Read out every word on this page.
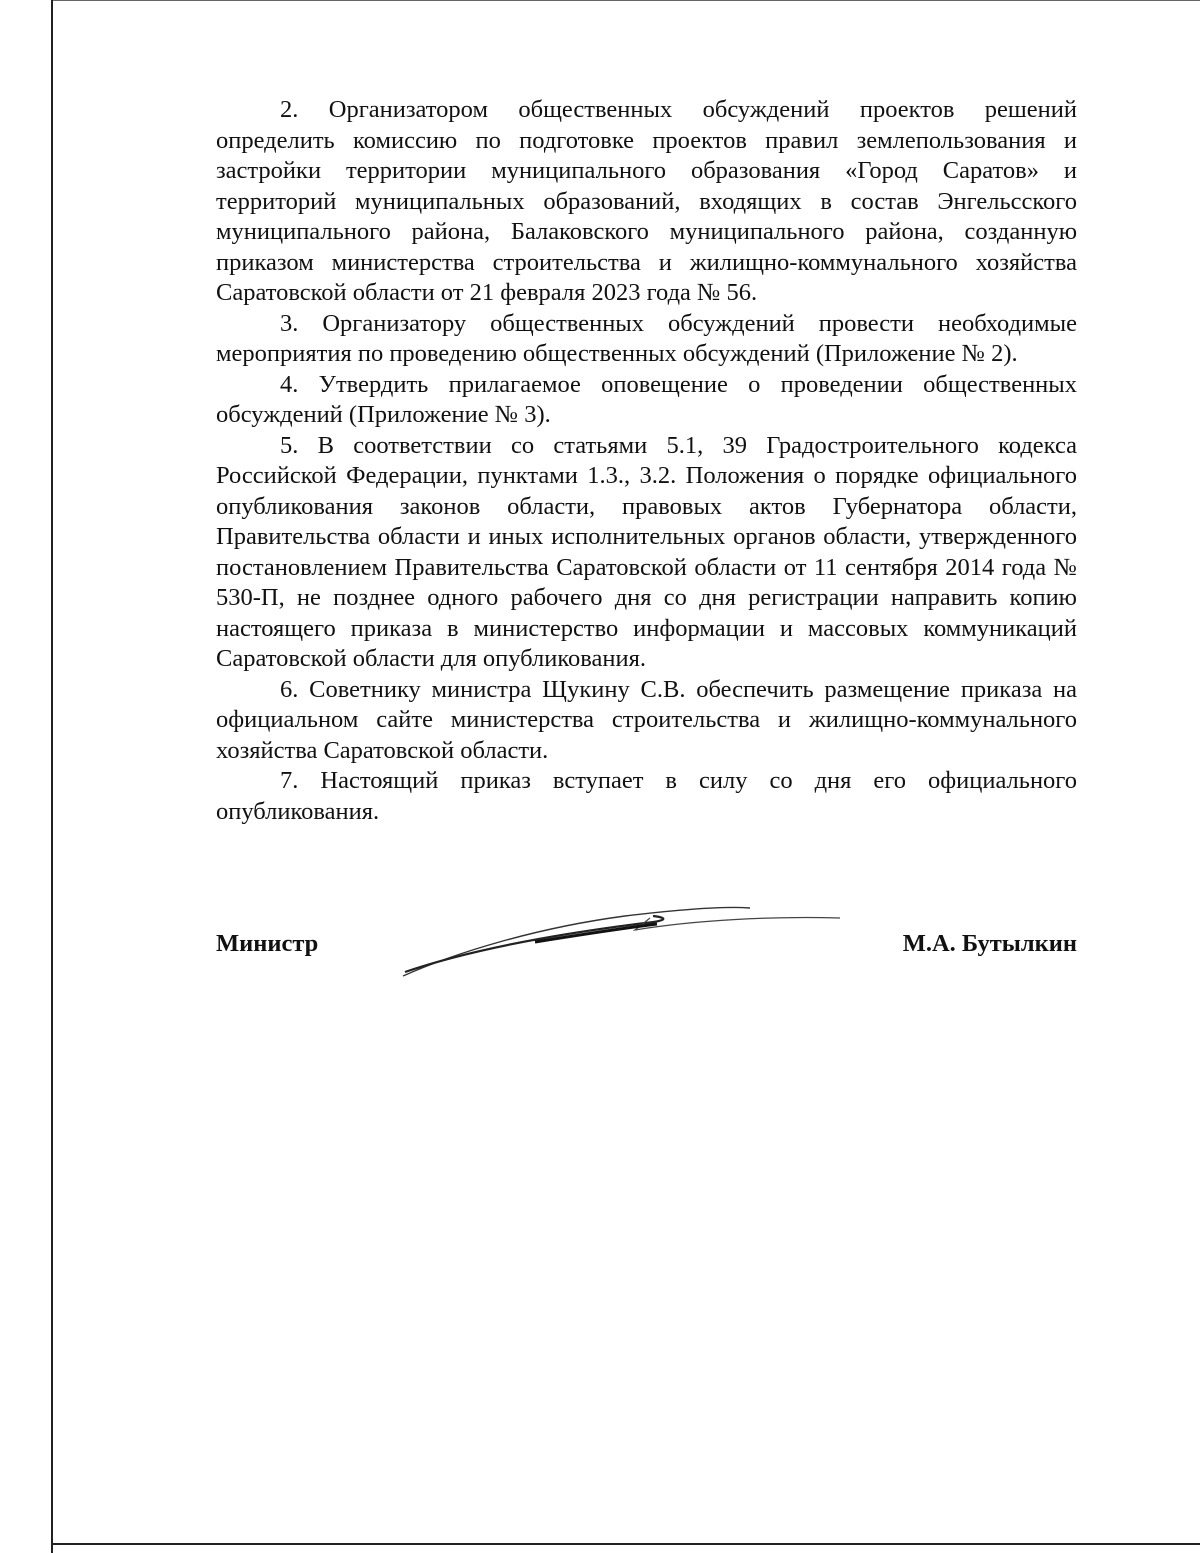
2. Организатором общественных обсуждений проектов решений определить комиссию по подготовке проектов правил землепользования и застройки территории муниципального образования «Город Саратов» и территорий муниципальных образований, входящих в состав Энгельсского муниципального района, Балаковского муниципального района, созданную приказом министерства строительства и жилищно-коммунального хозяйства Саратовской области от 21 февраля 2023 года № 56.

3. Организатору общественных обсуждений провести необходимые мероприятия по проведению общественных обсуждений (Приложение № 2).

4. Утвердить прилагаемое оповещение о проведении общественных обсуждений (Приложение № 3).

5. В соответствии со статьями 5.1, 39 Градостроительного кодекса Российской Федерации, пунктами 1.3., 3.2. Положения о порядке официального опубликования законов области, правовых актов Губернатора области, Правительства области и иных исполнительных органов области, утвержденного постановлением Правительства Саратовской области от 11 сентября 2014 года № 530-П, не позднее одного рабочего дня со дня регистрации направить копию настоящего приказа в министерство информации и массовых коммуникаций Саратовской области для опубликования.

6. Советнику министра Щукину С.В. обеспечить размещение приказа на официальном сайте министерства строительства и жилищно-коммунального хозяйства Саратовской области.

7. Настоящий приказ вступает в силу со дня его официального опубликования.

Министр	М.А. Бутылкин
